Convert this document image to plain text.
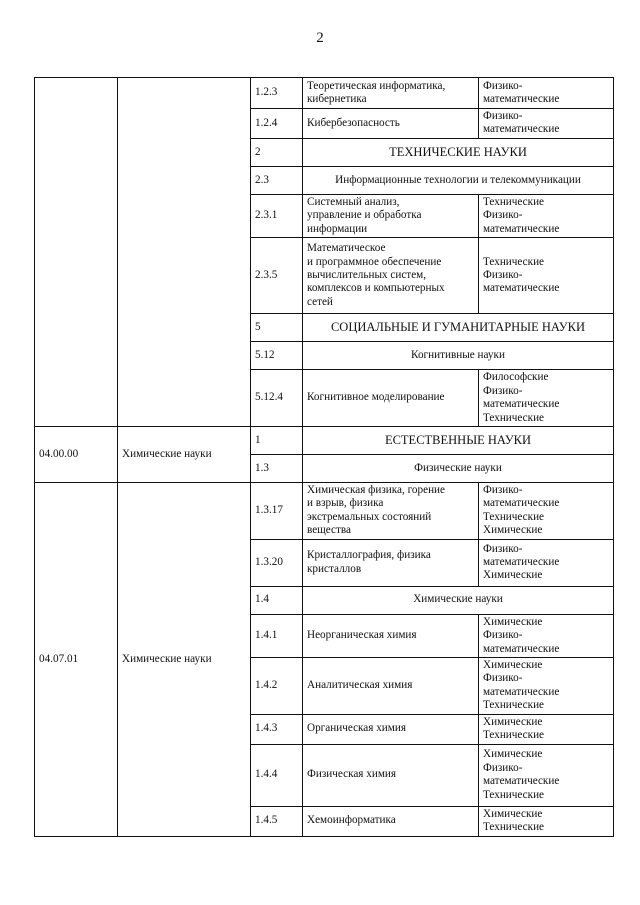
2
		1.2.3	Теоретическая информатика,
кибернетика	Физико-
математические

		1.2.4	Кибербезопасность	Физико-
математические

		2	ТЕХНИЧЕСКИЕ НАУКИ	
		2.3	Информационные технологии и телекоммуникации	
		2.3.1	Системный анализ,
управление и обработка
информации	Технические
Физико-
математические

		2.3.5	Математическое
и программное обеспечение
вычислительных систем,
комплексов и компьютерных
сетей	Технические
Физико-
математические

		5	СОЦИАЛЬНЫЕ И ГУМАНИТАРНЫЕ НАУКИ	
		5.12	Когнитивные науки	
		5.12.4	Когнитивное моделирование	Философские
Физико-
математические
Технические

04.00.00	Химические науки	1	ЕСТЕСТВЕННЫЕ НАУКИ	
		1.3	Физические науки	
04.07.01	Химические науки	1.3.17	Химическая физика, горение
и взрыв, физика
экстремальных состояний
вещества	Физико-
математические
Технические
Химические

		1.3.20	Кристаллография, физика
кристаллов	Физико-
математические
Химические

		1.4	Химические науки	
		1.4.1	Неорганическая химия	Химические
Физико-
математические

		1.4.2	Аналитическая химия	Химические
Физико-
математические
Технические

		1.4.3	Органическая химия	Химические
Технические

		1.4.4	Физическая химия	Химические
Физико-
математические
Технические

		1.4.5	Хемоинформатика	Химические
Технические
